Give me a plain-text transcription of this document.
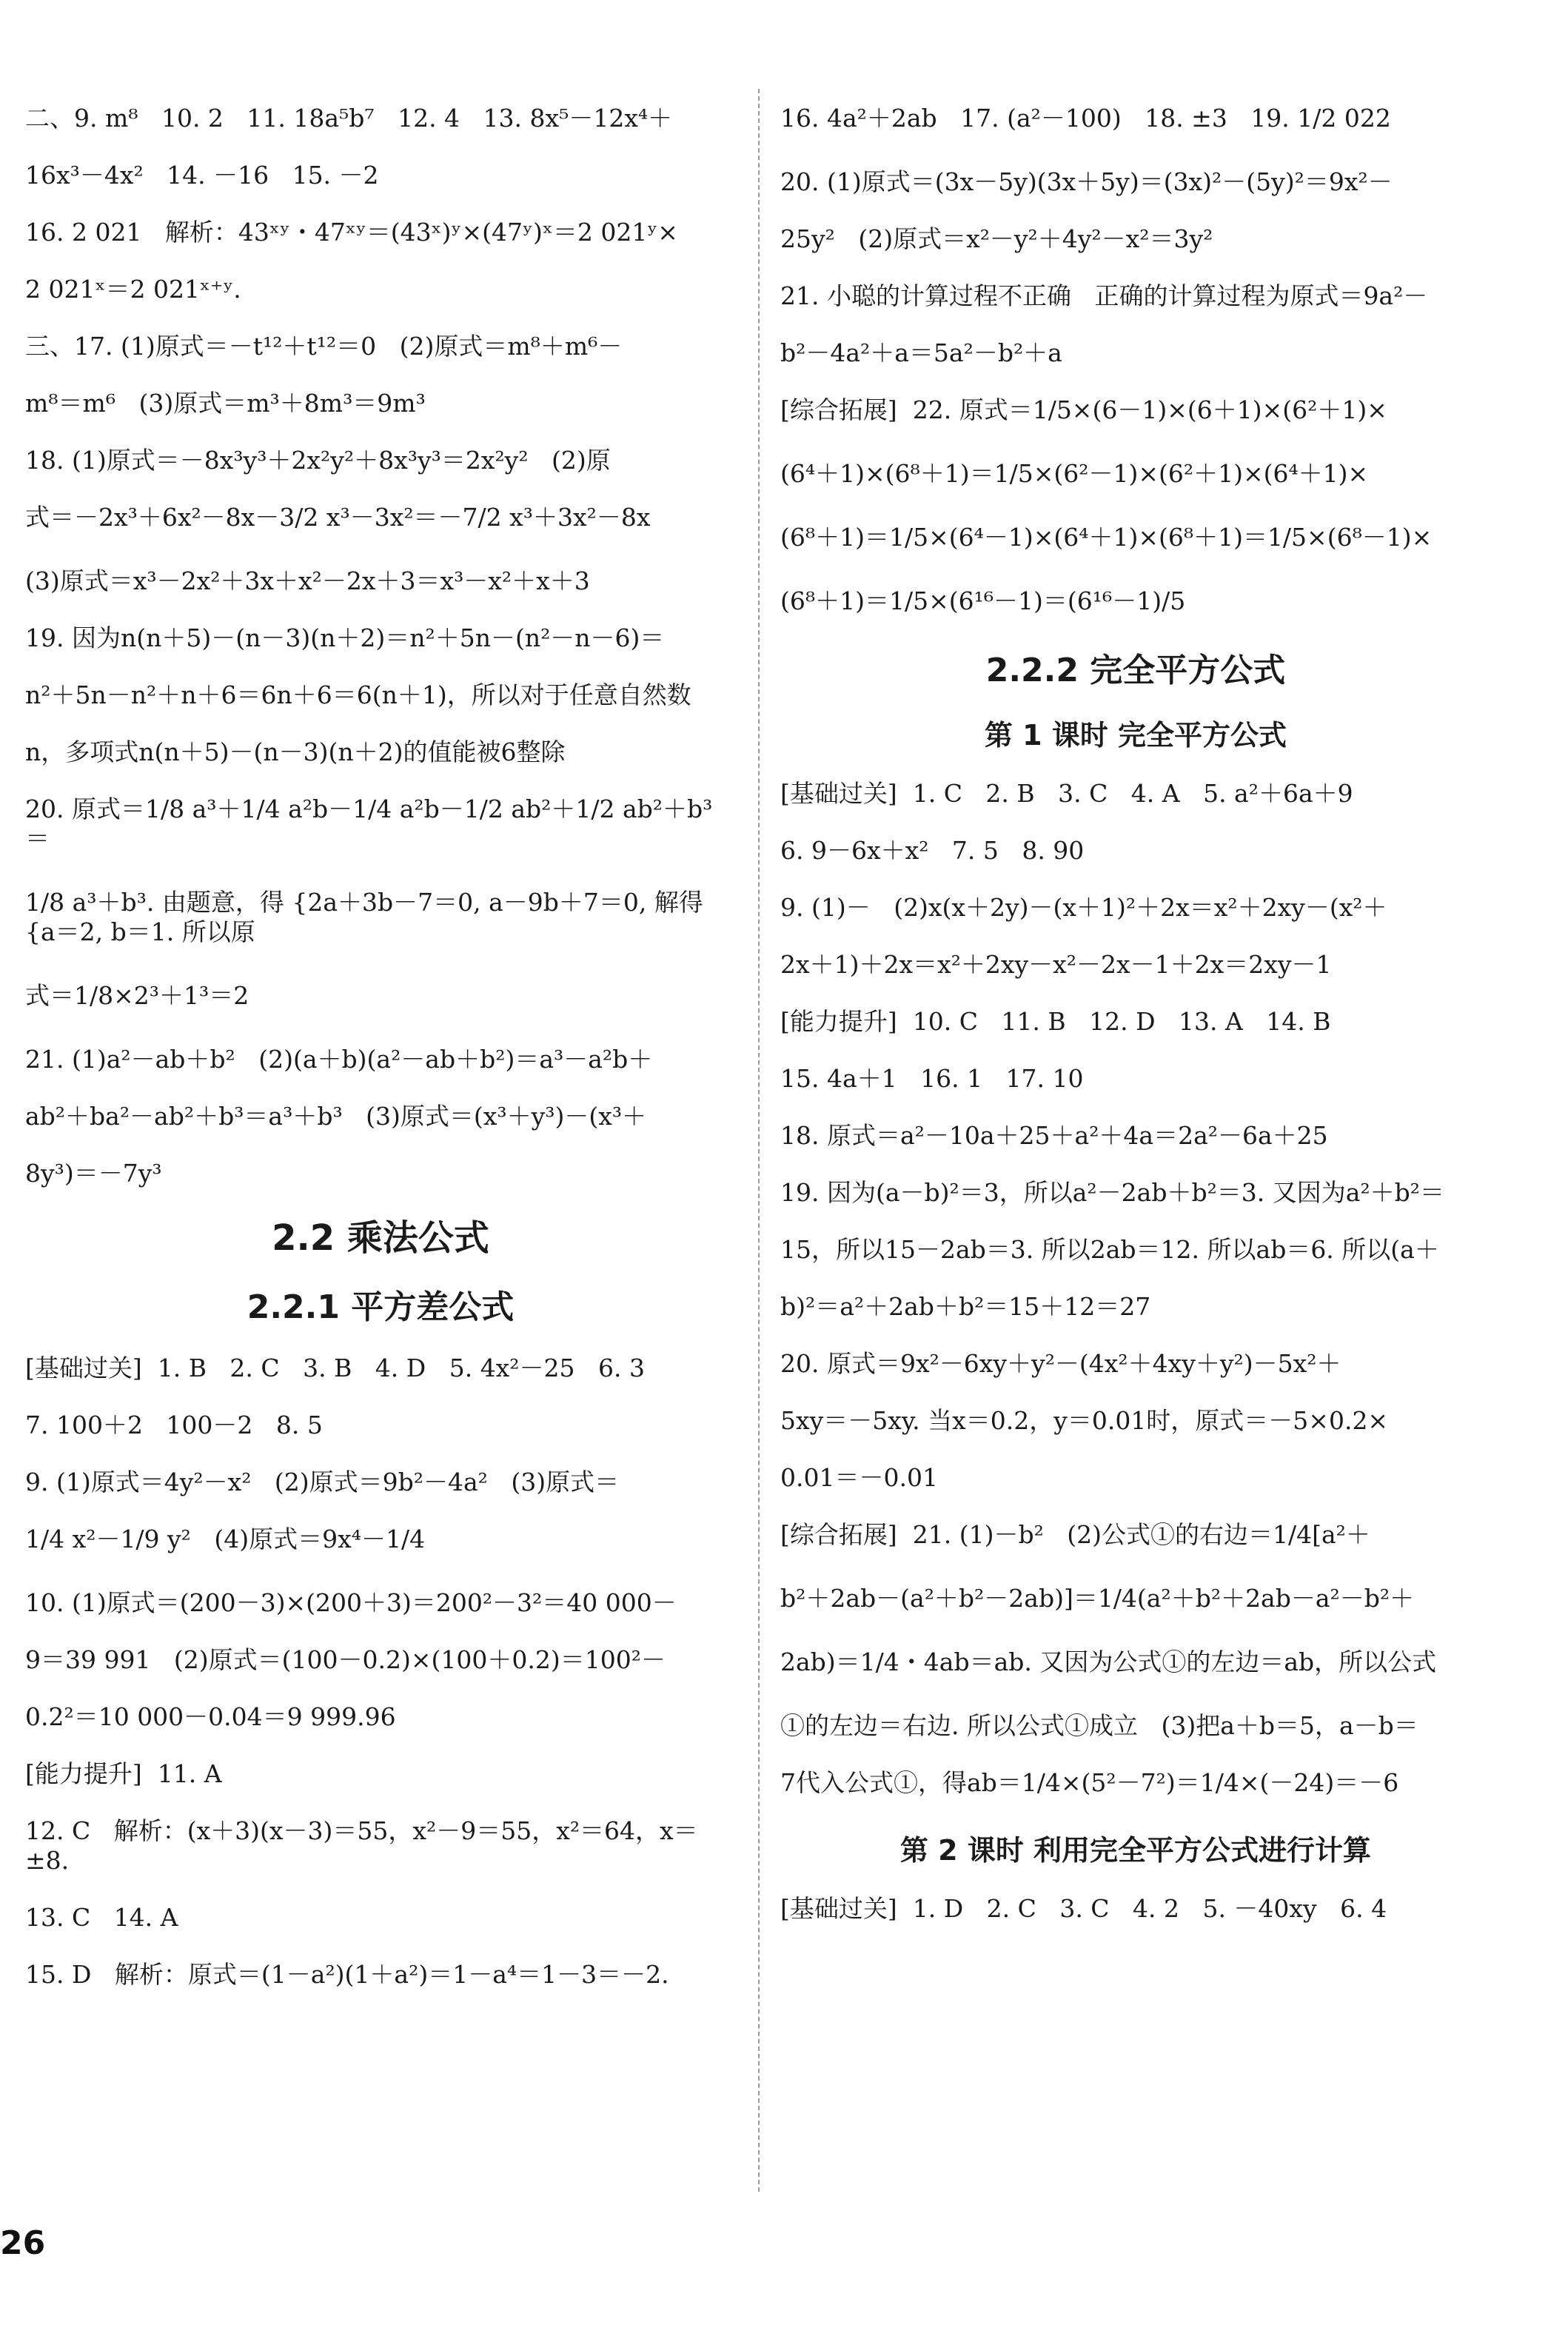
二、9. m⁸   10. 2   11. 18a⁵b⁷   12. 4   13. 8x⁵－12x⁴＋
16x³－4x²   14. －16   15. －2
16. 2 021   解析：43ˣʸ・47ˣʸ＝(43ˣ)ʸ×(47ʸ)ˣ＝2 021ʸ×
2 021ˣ＝2 021ˣ⁺ʸ.
三、17. (1)原式＝－t¹²＋t¹²＝0   (2)原式＝m⁸＋m⁶－
m⁸＝m⁶   (3)原式＝m³＋8m³＝9m³
18. (1)原式＝－8x³y³＋2x²y²＋8x³y³＝2x²y²   (2)原
式＝－2x³＋6x²－8x－3/2 x³－3x²＝－7/2 x³＋3x²－8x
(3)原式＝x³－2x²＋3x＋x²－2x＋3＝x³－x²＋x＋3
19. 因为n(n＋5)－(n－3)(n＋2)＝n²＋5n－(n²－n－6)＝
n²＋5n－n²＋n＋6＝6n＋6＝6(n＋1)，所以对于任意自然数
n，多项式n(n＋5)－(n－3)(n＋2)的值能被6整除
20. 原式＝1/8 a³＋1/4 a²b－1/4 a²b－1/2 ab²＋1/2 ab²＋b³＝
1/8 a³＋b³. 由题意，得 {2a＋3b－7＝0, a－9b＋7＝0, 解得 {a＝2, b＝1. 所以原
式＝1/8×2³＋1³＝2
21. (1)a²－ab＋b²   (2)(a＋b)(a²－ab＋b²)＝a³－a²b＋
ab²＋ba²－ab²＋b³＝a³＋b³   (3)原式＝(x³＋y³)－(x³＋
8y³)＝－7y³
2.2 乘法公式
2.2.1 平方差公式
[基础过关]  1. B   2. C   3. B   4. D   5. 4x²－25   6. 3
7. 100＋2   100－2   8. 5
9. (1)原式＝4y²－x²   (2)原式＝9b²－4a²   (3)原式＝
1/4 x²－1/9 y²   (4)原式＝9x⁴－1/4
10. (1)原式＝(200－3)×(200＋3)＝200²－3²＝40 000－
9＝39 991   (2)原式＝(100－0.2)×(100＋0.2)＝100²－
0.2²＝10 000－0.04＝9 999.96
[能力提升]  11. A
12. C   解析：(x＋3)(x－3)＝55，x²－9＝55，x²＝64，x＝±8.
13. C   14. A
15. D   解析：原式＝(1－a²)(1＋a²)＝1－a⁴＝1－3＝－2.
16. 4a²＋2ab   17. (a²－100)   18. ±3   19. 1/2 022
20. (1)原式＝(3x－5y)(3x＋5y)＝(3x)²－(5y)²＝9x²－
25y²   (2)原式＝x²－y²＋4y²－x²＝3y²
21. 小聪的计算过程不正确   正确的计算过程为原式＝9a²－
b²－4a²＋a＝5a²－b²＋a
[综合拓展]  22. 原式＝1/5×(6－1)×(6＋1)×(6²＋1)×
(6⁴＋1)×(6⁸＋1)＝1/5×(6²－1)×(6²＋1)×(6⁴＋1)×
(6⁸＋1)＝1/5×(6⁴－1)×(6⁴＋1)×(6⁸＋1)＝1/5×(6⁸－1)×
(6⁸＋1)＝1/5×(6¹⁶－1)＝(6¹⁶－1)/5
2.2.2 完全平方公式
第 1 课时 完全平方公式
[基础过关]  1. C   2. B   3. C   4. A   5. a²＋6a＋9
6. 9－6x＋x²   7. 5   8. 90
9. (1)－   (2)x(x＋2y)－(x＋1)²＋2x＝x²＋2xy－(x²＋
2x＋1)＋2x＝x²＋2xy－x²－2x－1＋2x＝2xy－1
[能力提升]  10. C   11. B   12. D   13. A   14. B
15. 4a＋1   16. 1   17. 10
18. 原式＝a²－10a＋25＋a²＋4a＝2a²－6a＋25
19. 因为(a－b)²＝3，所以a²－2ab＋b²＝3. 又因为a²＋b²＝
15，所以15－2ab＝3. 所以2ab＝12. 所以ab＝6. 所以(a＋
b)²＝a²＋2ab＋b²＝15＋12＝27
20. 原式＝9x²－6xy＋y²－(4x²＋4xy＋y²)－5x²＋
5xy＝－5xy. 当x＝0.2，y＝0.01时，原式＝－5×0.2×
0.01＝－0.01
[综合拓展]  21. (1)－b²   (2)公式①的右边＝1/4[a²＋
b²＋2ab－(a²＋b²－2ab)]＝1/4(a²＋b²＋2ab－a²－b²＋
2ab)＝1/4・4ab＝ab. 又因为公式①的左边＝ab，所以公式
①的左边＝右边. 所以公式①成立   (3)把a＋b＝5，a－b＝
7代入公式①，得ab＝1/4×(5²－7²)＝1/4×(－24)＝－6
第 2 课时 利用完全平方公式进行计算
[基础过关]  1. D   2. C   3. C   4. 2   5. －40xy   6. 4
26
